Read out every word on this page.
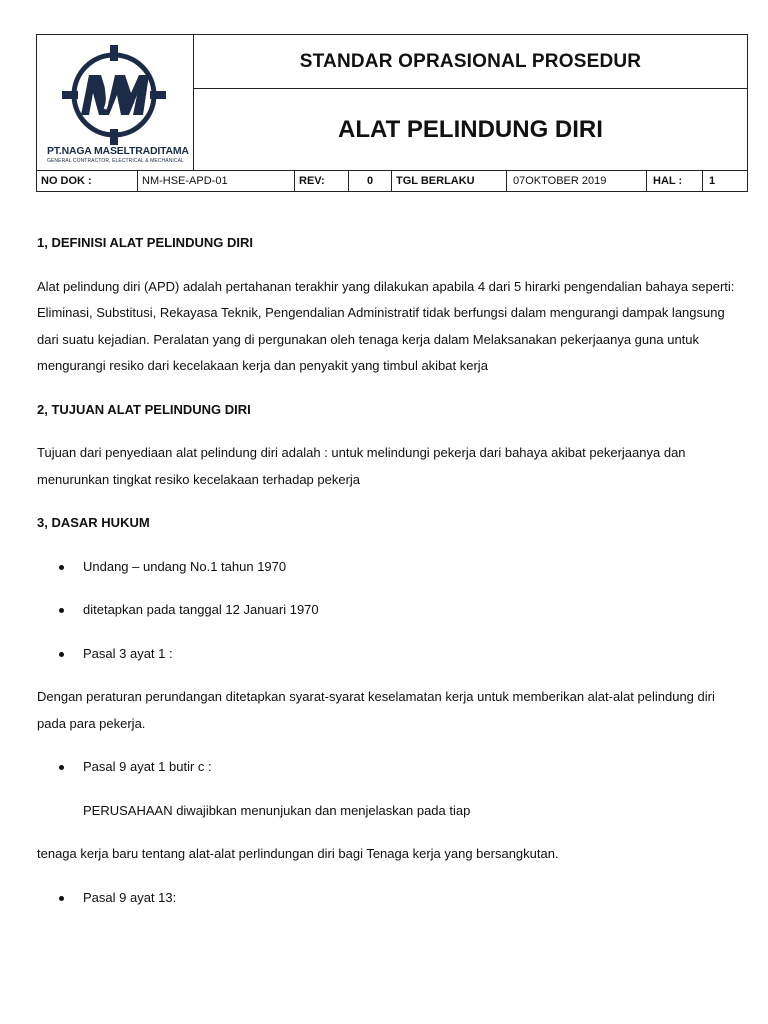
PT.NAGA MASELTRADITAMA
GENERAL CONTRACTOR, ELECTRICAL & MECHANICAL
STANDAR OPRASIONAL PROSEDUR
ALAT PELINDUNG DIRI
NO DOK :	NM-HSE-APD-01	REV:	0	TGL BERLAKU	07OKTOBER 2019	HAL :	1
1, DEFINISI ALAT PELINDUNG DIRI
Alat pelindung diri (APD) adalah pertahanan terakhir yang dilakukan apabila 4 dari 5 hirarki pengendalian bahaya seperti: Eliminasi, Substitusi, Rekayasa Teknik, Pengendalian Administratif tidak berfungsi dalam mengurangi dampak langsung dari suatu kejadian. Peralatan yang di pergunakan oleh tenaga kerja dalam Melaksanakan pekerjaanya guna untuk mengurangi resiko dari kecelakaan kerja dan penyakit yang timbul akibat kerja
2, TUJUAN ALAT PELINDUNG DIRI
Tujuan dari penyediaan alat pelindung diri adalah : untuk melindungi pekerja dari bahaya akibat pekerjaanya dan menurunkan tingkat resiko kecelakaan terhadap pekerja
3, DASAR HUKUM
Undang – undang No.1 tahun 1970
ditetapkan pada tanggal 12 Januari 1970
Pasal 3 ayat 1 :
Dengan peraturan perundangan ditetapkan syarat-syarat keselamatan kerja untuk memberikan alat-alat pelindung diri pada para pekerja.
Pasal 9 ayat 1 butir c :
PERUSAHAAN diwajibkan menunjukan dan menjelaskan pada tiap
tenaga kerja baru tentang alat-alat perlindungan diri bagi Tenaga kerja yang bersangkutan.
Pasal 9 ayat 13:
